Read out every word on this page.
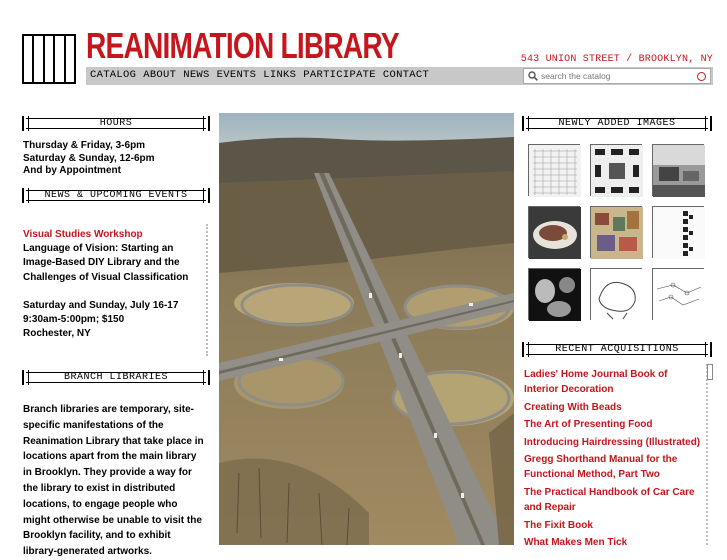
REANIMATION LIBRARY	543 UNION STREET / BROOKLYN, NY
CATALOG ABOUT NEWS EVENTS LINKS PARTICIPATE CONTACT
search the catalog
HOURS
Thursday & Friday, 3-6pm
Saturday & Sunday, 12-6pm
And by Appointment
NEWS & UPCOMING EVENTS
Visual Studies Workshop

Language of Vision: Starting an Image-Based DIY Library and the Challenges of Visual Classification

Saturday and Sunday, July 16-17

9:30am-5:00pm; $150

Rochester, NY

BRANCH LIBRARIES
Branch libraries are temporary, site-specific manifestations of the Reanimation Library that take place in locations apart from the main library in Brooklyn. They provide a way for the library to exist in distributed locations, to engage people who might otherwise be unable to visit the Brooklyn facility, and to exhibit library-generated artworks.
NEWLY ADDED IMAGES
RECENT ACQUISITIONS
Ladies' Home Journal Book of Interior Decoration
Creating With Beads
The Art of Presenting Food
Introducing Hairdressing (Illustrated)
Gregg Shorthand Manual for the Functional Method, Part Two
The Practical Handbook of Car Care and Repair
The Fixit Book
What Makes Men Tick
